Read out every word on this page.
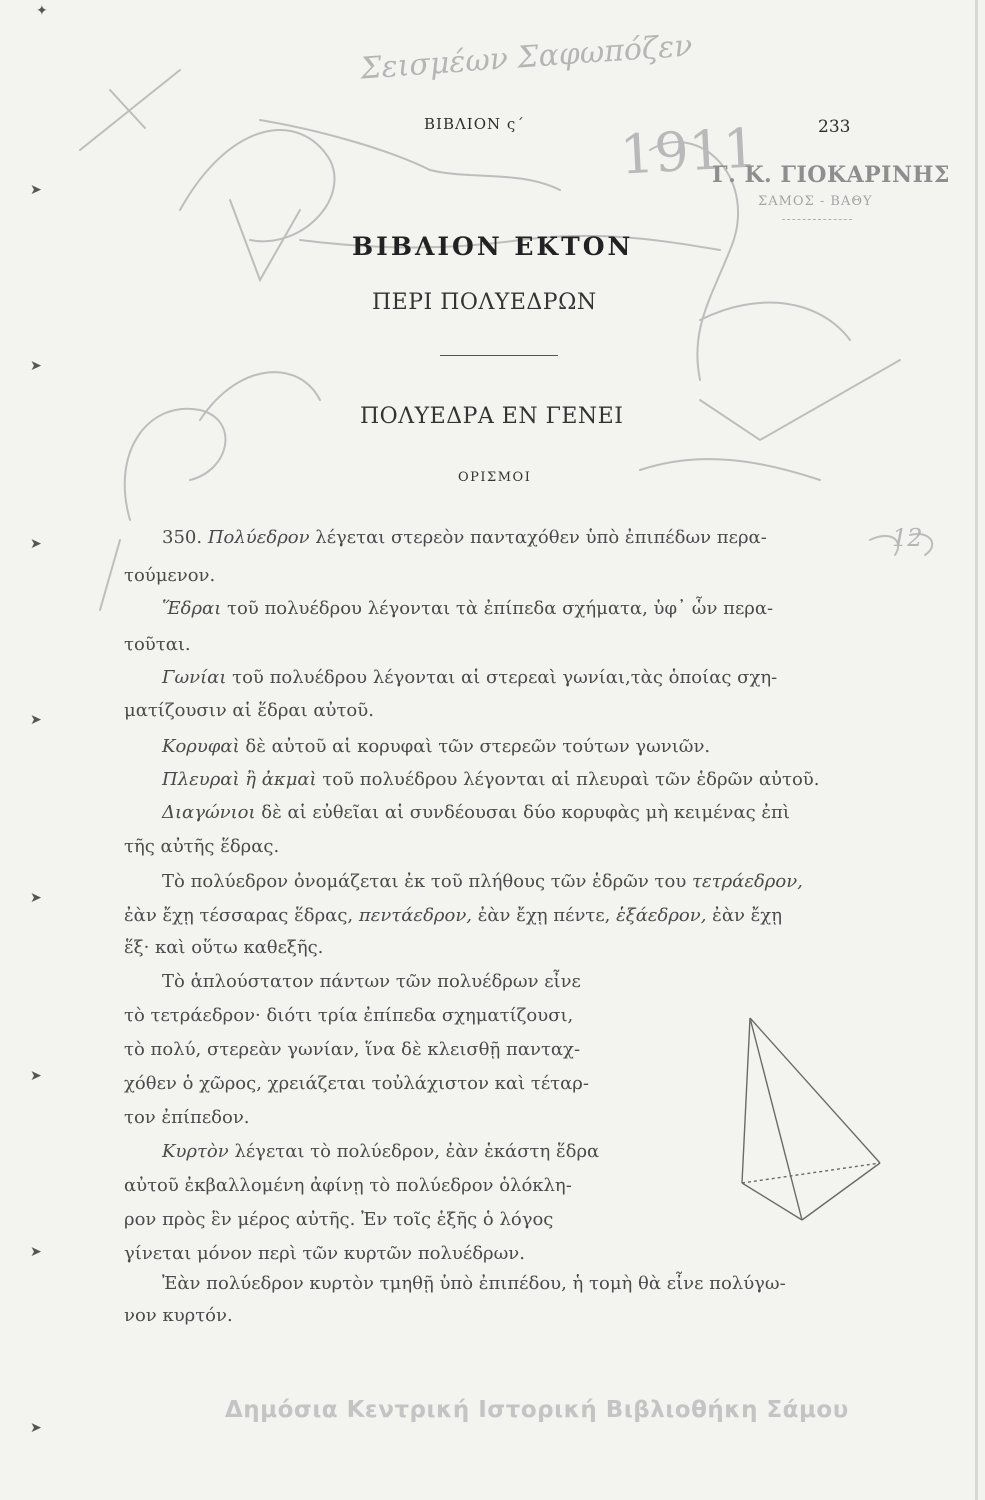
Σεισμέων Σαφωπόζεν
ΒΙΒΛΙΟΝ ς΄	233
1911
Γ. Κ. ΓΙΟΚΑΡΙΝΗΣ
ΣΑΜΟΣ - ΒΑΘΥ
ΒΙΒΛΙΟΝ ΕΚΤΟΝ
ΠΕΡΙ ΠΟΛΥΕΔΡΩΝ
ΠΟΛΥΕΔΡΑ ΕΝ ΓΕΝΕΙ
ΟΡΙΣΜΟΙ
350. Πολύεδρον λέγεται στερεὸν πανταχόθεν ὑπὸ ἐπιπέδων περα-
τούμενον.
Ἕδραι τοῦ πολυέδρου λέγονται τὰ ἐπίπεδα σχήματα, ὑφ᾽ ὧν περα-
τοῦται.
Γωνίαι τοῦ πολυέδρου λέγονται αἱ στερεαὶ γωνίαι,τὰς ὁποίας σχη-
ματίζουσιν αἱ ἕδραι αὐτοῦ.
Κορυφαὶ δὲ αὐτοῦ αἱ κορυφαὶ τῶν στερεῶν τούτων γωνιῶν.
Πλευραὶ ἢ ἀκμαὶ τοῦ πολυέδρου λέγονται αἱ πλευραὶ τῶν ἑδρῶν αὐτοῦ.
Διαγώνιοι δὲ αἱ εὐθεῖαι αἱ συνδέουσαι δύο κορυφὰς μὴ κειμένας ἐπὶ
τῆς αὐτῆς ἕδρας.
Τὸ πολύεδρον ὀνομάζεται ἐκ τοῦ πλήθους τῶν ἑδρῶν του τετράεδρον,
ἐὰν ἔχῃ τέσσαρας ἕδρας, πεντάεδρον, ἐὰν ἔχῃ πέντε, ἑξάεδρον, ἐὰν ἔχῃ
ἕξ· καὶ οὕτω καθεξῆς.
Τὸ ἁπλούστατον πάντων τῶν πολυέδρων εἶνε
τὸ τετράεδρον· διότι τρία ἐπίπεδα σχηματίζουσι,
τὸ πολύ, στερεὰν γωνίαν, ἵνα δὲ κλεισθῇ πανταχ-
χόθεν ὁ χῶρος, χρειάζεται τοὐλάχιστον καὶ τέταρ-
τον ἐπίπεδον.
Κυρτὸν λέγεται τὸ πολύεδρον, ἐὰν ἑκάστη ἕδρα
αὐτοῦ ἐκβαλλομένη ἀφίνῃ τὸ πολύεδρον ὁλόκλη-
ρον πρὸς ἓν μέρος αὐτῆς. Ἐν τοῖς ἑξῆς ὁ λόγος
γίνεται μόνον περὶ τῶν κυρτῶν πολυέδρων.
Ἐὰν πολύεδρον κυρτὸν τμηθῇ ὑπὸ ἐπιπέδου, ἡ τομὴ θὰ εἶνε πολύγω-
νον κυρτόν.
12
✦
➤
➤
➤
➤
➤
➤
➤
➤
Δημόσια Κεντρική Ιστορική Βιβλιοθήκη Σάμου
